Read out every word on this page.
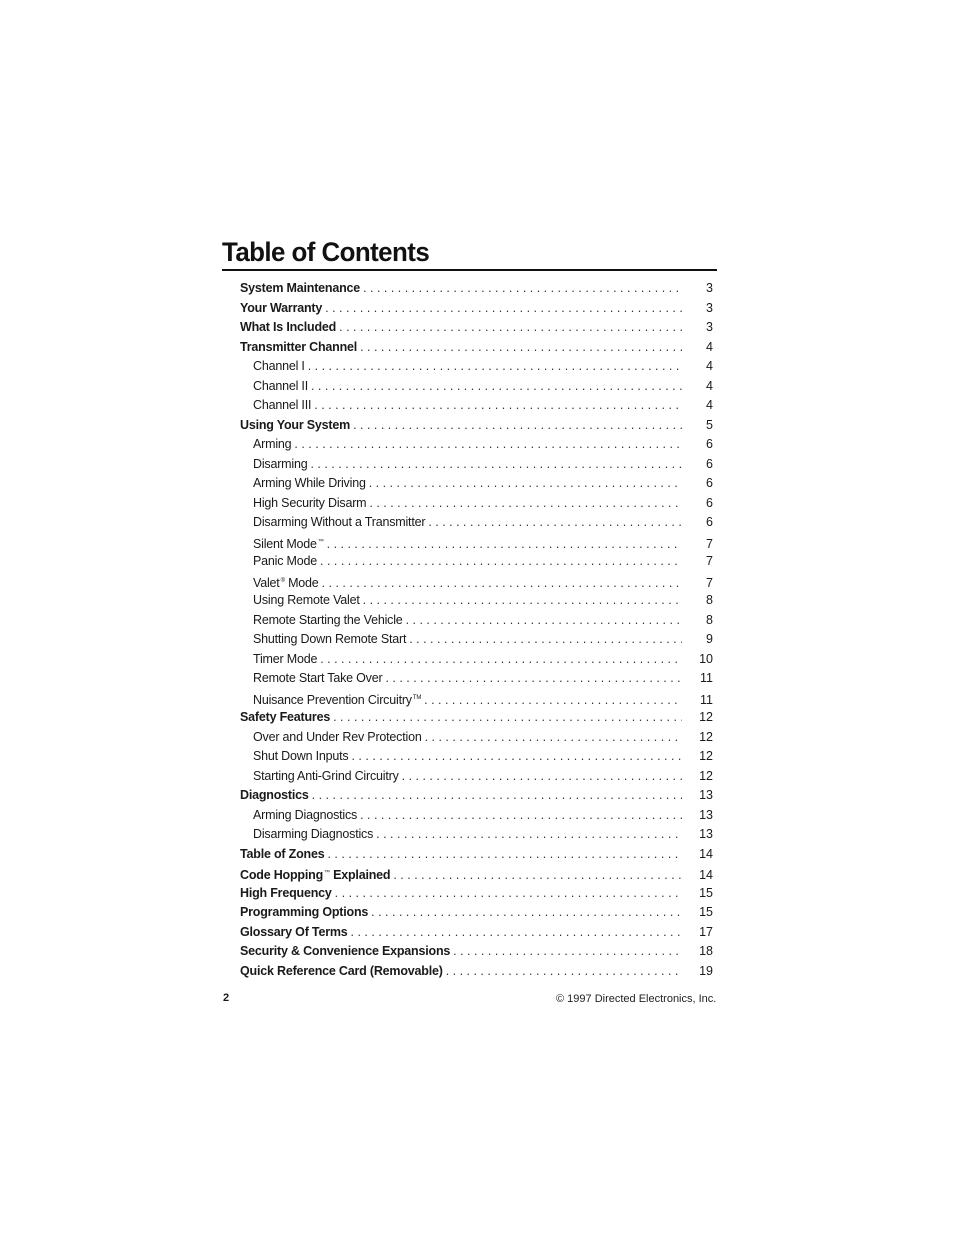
Table of Contents
System Maintenance . . .	3
Your Warranty . . .	3
What Is Included . . .	3
Transmitter Channel . . .	4
Channel I . . .	4
Channel II . . .	4
Channel III . . .	4
Using Your System . . .	5
Arming . . .	6
Disarming . . .	6
Arming While Driving . . .	6
High Security Disarm . . .	6
Disarming Without a Transmitter . . .	6
Silent Mode™ . . .	7
Panic Mode . . .	7
Valet® Mode . . .	7
Using Remote Valet . . .	8
Remote Starting the Vehicle . . .	8
Shutting Down Remote Start . . .	9
Timer Mode . . .	10
Remote Start Take Over . . .	11
Nuisance Prevention Circuitry™ . . .	11
Safety Features . . .	12
Over and Under Rev Protection . . .	12
Shut Down Inputs . . .	12
Starting Anti-Grind Circuitry . . .	12
Diagnostics . . .	13
Arming Diagnostics . . .	13
Disarming Diagnostics . . .	13
Table of Zones . . .	14
Code Hopping™ Explained . . .	14
High Frequency . . .	15
Programming Options . . .	15
Glossary Of Terms . . .	17
Security & Convenience Expansions . . .	18
Quick Reference Card (Removable) . . .	19
2	© 1997 Directed Electronics, Inc.
